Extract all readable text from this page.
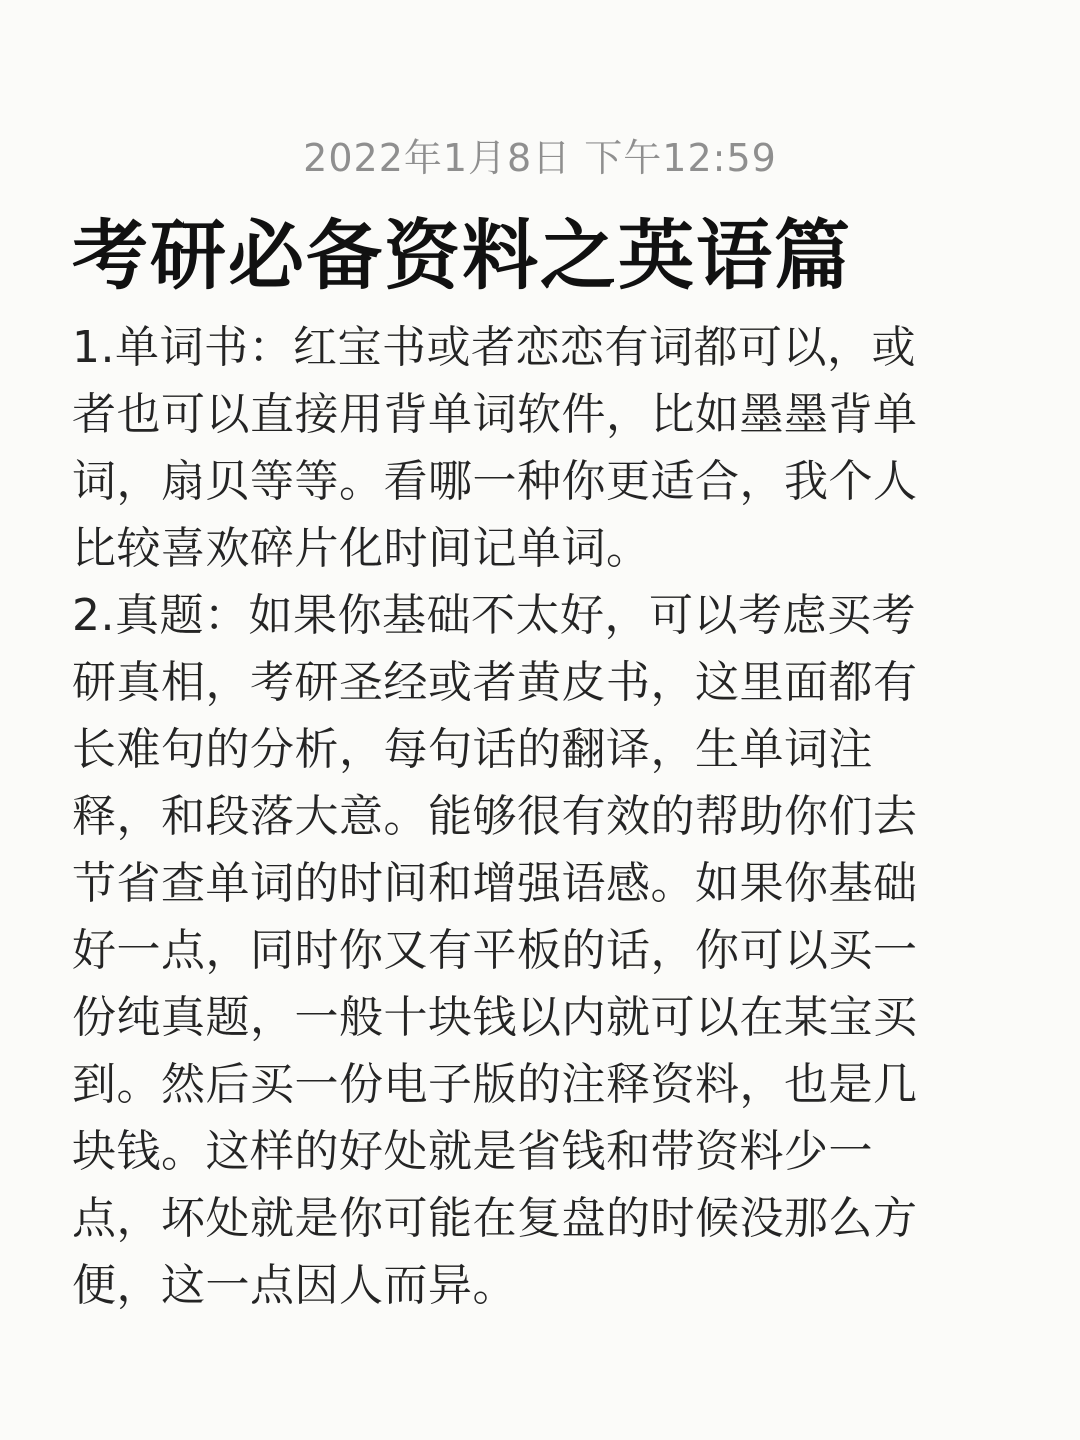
2022年1月8日 下午12:59
考研必备资料之英语篇
1.单词书：红宝书或者恋恋有词都可以，或
者也可以直接用背单词软件，比如墨墨背单
词，扇贝等等。看哪一种你更适合，我个人
比较喜欢碎片化时间记单词。
2.真题：如果你基础不太好，可以考虑买考
研真相，考研圣经或者黄皮书，这里面都有
长难句的分析，每句话的翻译，生单词注
释，和段落大意。能够很有效的帮助你们去
节省查单词的时间和增强语感。如果你基础
好一点，同时你又有平板的话，你可以买一
份纯真题，一般十块钱以内就可以在某宝买
到。然后买一份电子版的注释资料，也是几
块钱。这样的好处就是省钱和带资料少一
点，坏处就是你可能在复盘的时候没那么方
便，这一点因人而异。
